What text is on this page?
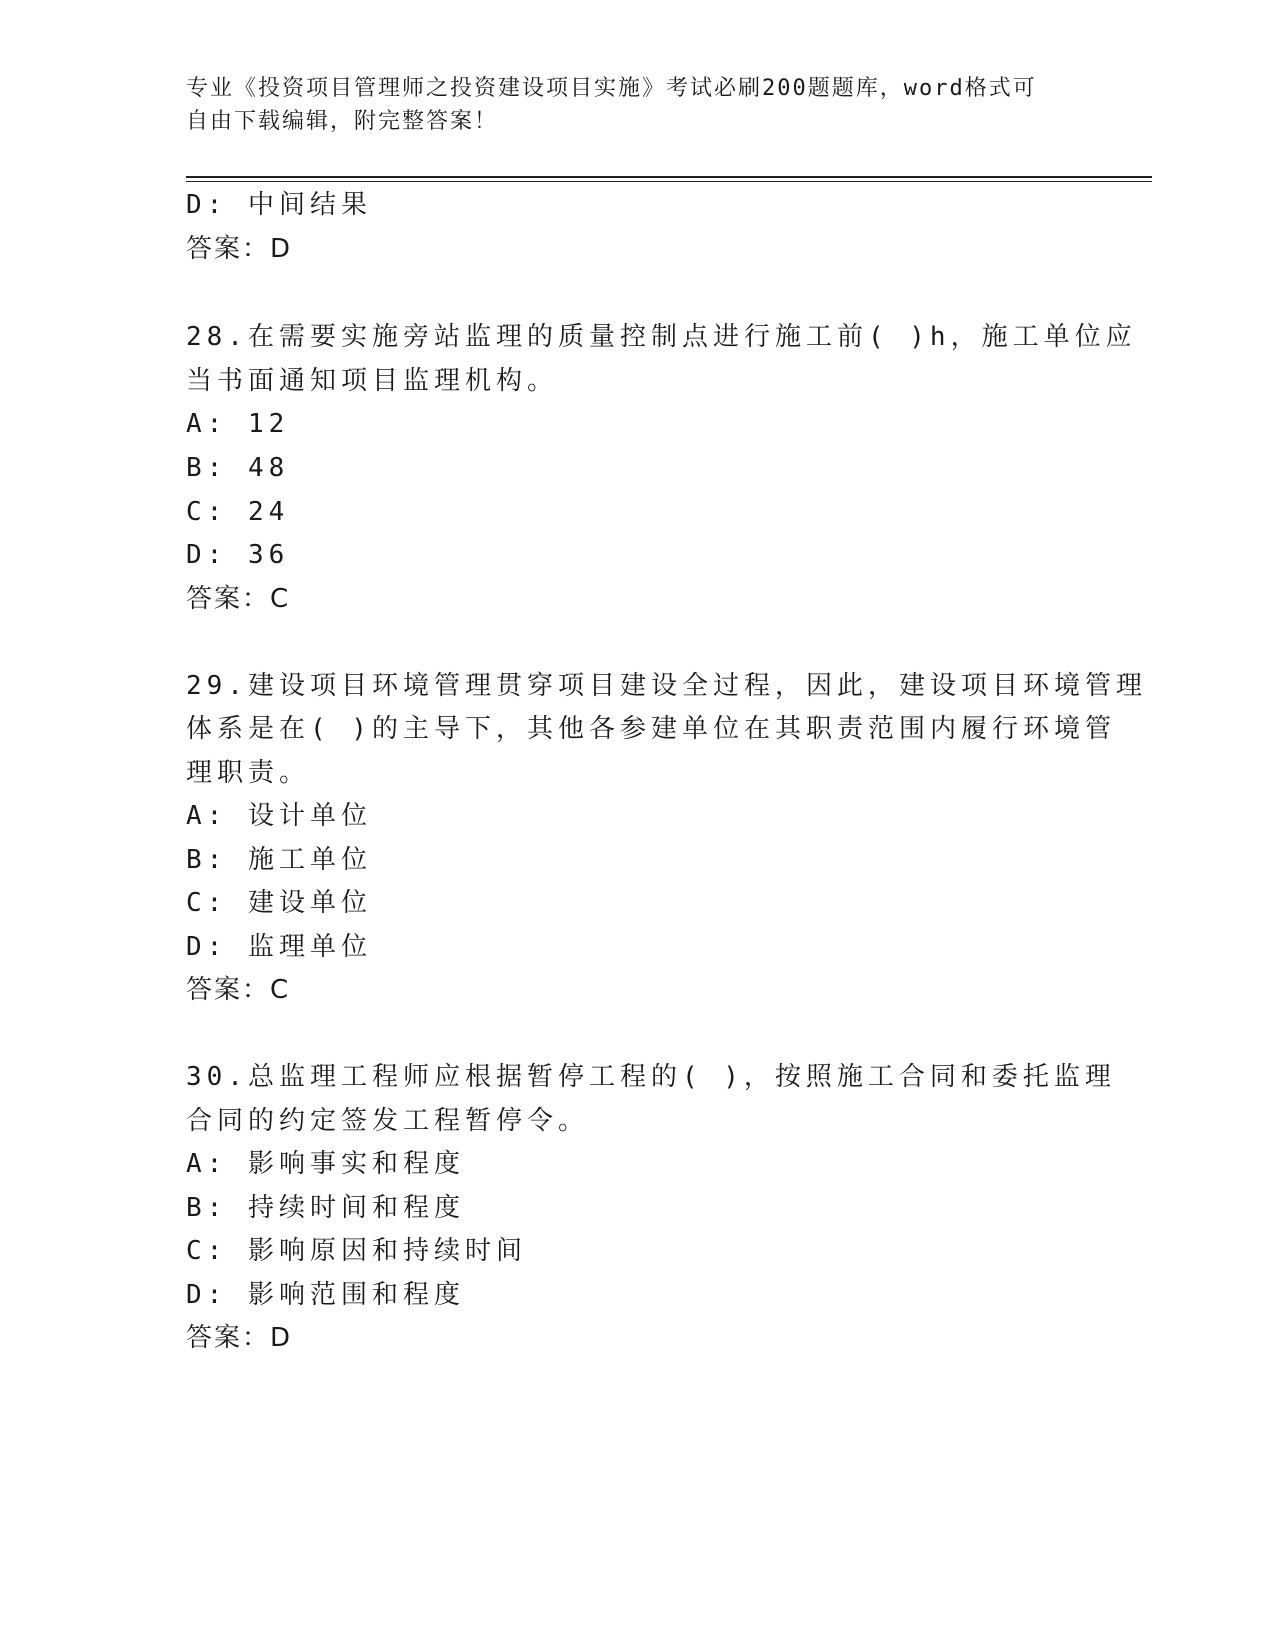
专业《投资项目管理师之投资建设项目实施》考试必刷200题题库，word格式可
自由下载编辑，附完整答案！
D: 中间结果
答案：D
28.在需要实施旁站监理的质量控制点进行施工前( )h，施工单位应
当书面通知项目监理机构。
A: 12
B: 48
C: 24
D: 36
答案：C
29.建设项目环境管理贯穿项目建设全过程，因此，建设项目环境管理
体系是在( )的主导下，其他各参建单位在其职责范围内履行环境管
理职责。
A: 设计单位
B: 施工单位
C: 建设单位
D: 监理单位
答案：C
30.总监理工程师应根据暂停工程的( )，按照施工合同和委托监理
合同的约定签发工程暂停令。
A: 影响事实和程度
B: 持续时间和程度
C: 影响原因和持续时间
D: 影响范围和程度
答案：D
